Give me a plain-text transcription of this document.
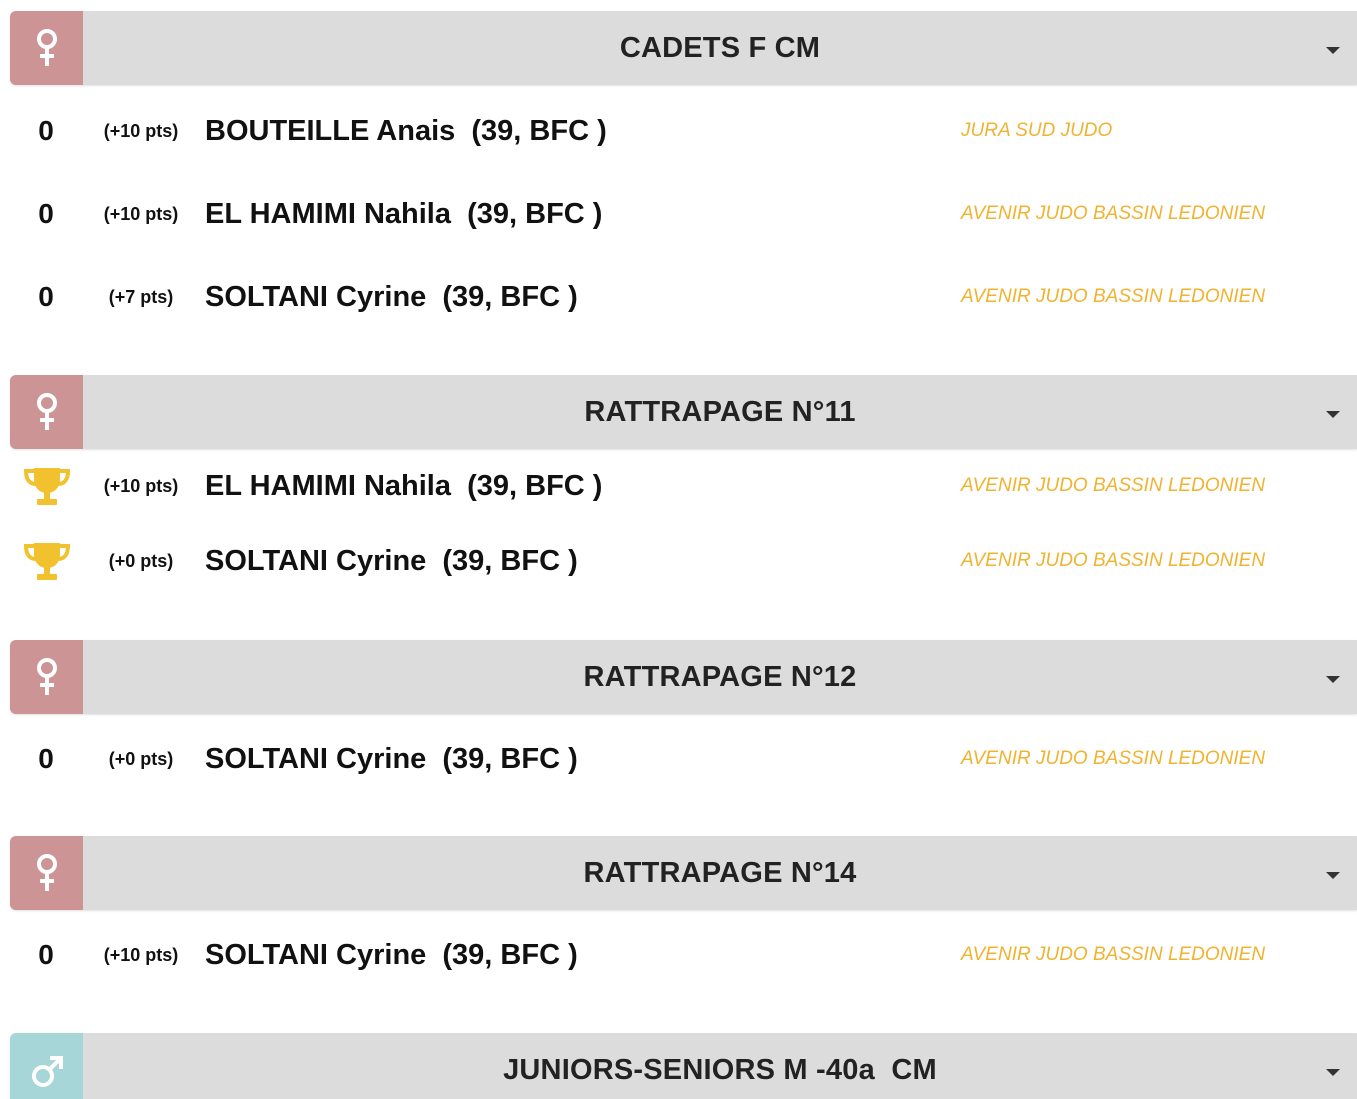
CADETS F CM
0	(+10 pts) BOUTEILLE Anais  (39, BFC )	JURA SUD JUDO
0	(+10 pts) EL HAMIMI Nahila  (39, BFC )	AVENIR JUDO BASSIN LEDONIEN
0	(+7 pts)	SOLTANI Cyrine  (39, BFC )	AVENIR JUDO BASSIN LEDONIEN
RATTRAPAGE N°11
(+10 pts) EL HAMIMI Nahila  (39, BFC )	AVENIR JUDO BASSIN LEDONIEN
(+0 pts)	SOLTANI Cyrine  (39, BFC )	AVENIR JUDO BASSIN LEDONIEN
RATTRAPAGE N°12
0	(+0 pts)	SOLTANI Cyrine  (39, BFC )	AVENIR JUDO BASSIN LEDONIEN
RATTRAPAGE N°14
0	(+10 pts) SOLTANI Cyrine  (39, BFC )	AVENIR JUDO BASSIN LEDONIEN
JUNIORS-SENIORS M -40a  CM
